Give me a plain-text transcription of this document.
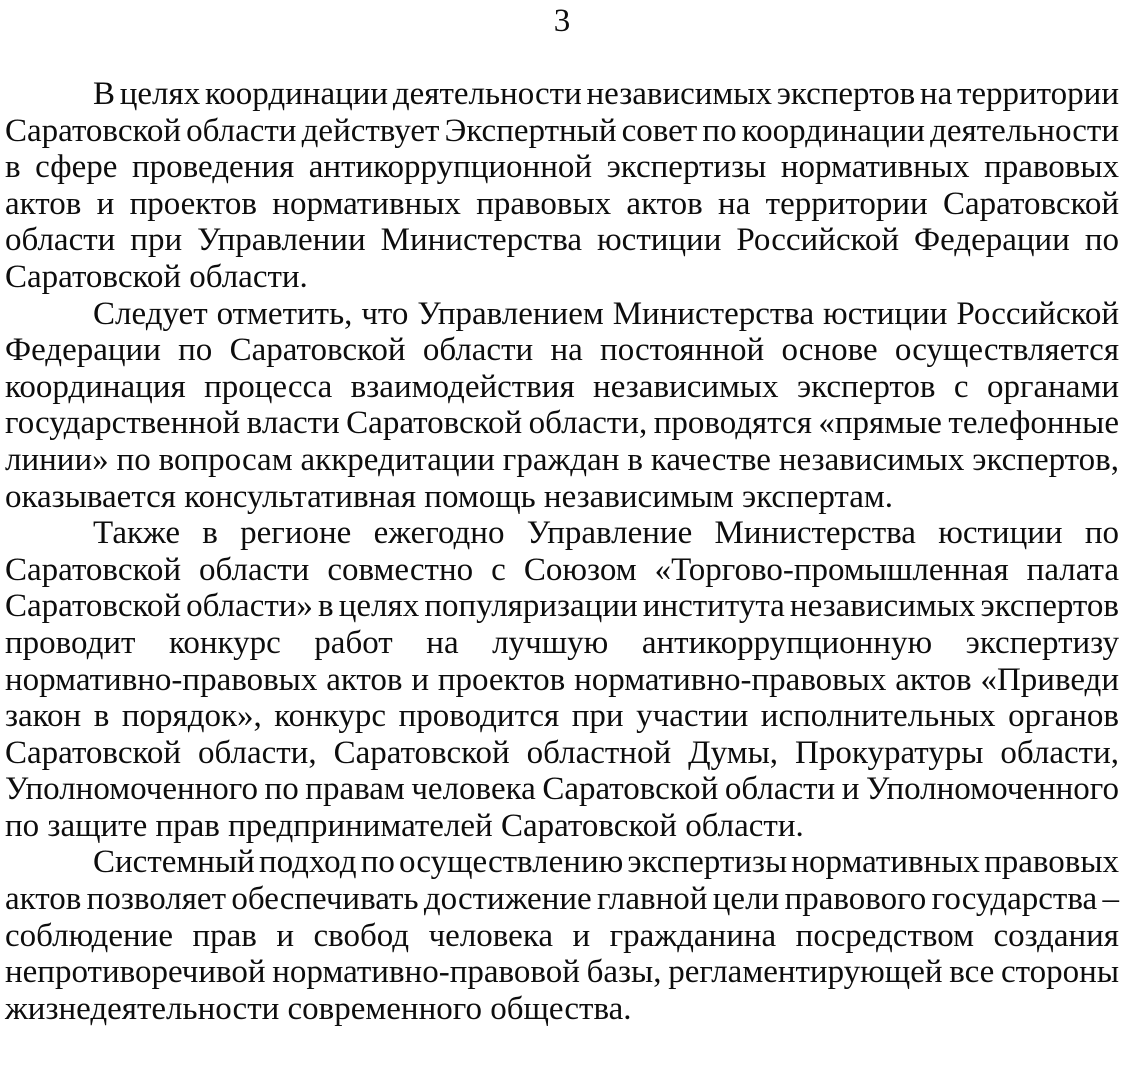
3
В целях координации деятельности независимых экспертов на территории
Саратовской области действует Экспертный совет по координации деятельности
в сфере проведения антикоррупционной экспертизы нормативных правовых
актов и проектов нормативных правовых актов на территории Саратовской
области при Управлении Министерства юстиции Российской Федерации по
Саратовской области.
Следует отметить, что Управлением Министерства юстиции Российской
Федерации по Саратовской области на постоянной основе осуществляется
координация процесса взаимодействия независимых экспертов с органами
государственной власти Саратовской области, проводятся «прямые телефонные
линии» по вопросам аккредитации граждан в качестве независимых экспертов,
оказывается консультативная помощь независимым экспертам.
Также в регионе ежегодно Управление Министерства юстиции по
Саратовской области совместно с Союзом «Торгово-промышленная палата
Саратовской области» в целях популяризации института независимых экспертов
проводит конкурс работ на лучшую антикоррупционную экспертизу
нормативно-правовых актов и проектов нормативно-правовых актов «Приведи
закон в порядок», конкурс проводится при участии исполнительных органов
Саратовской области, Саратовской областной Думы, Прокуратуры области,
Уполномоченного по правам человека Саратовской области и Уполномоченного
по защите прав предпринимателей Саратовской области.
Системный подход по осуществлению экспертизы нормативных правовых
актов позволяет обеспечивать достижение главной цели правового государства –
соблюдение прав и свобод человека и гражданина посредством создания
непротиворечивой нормативно-правовой базы, регламентирующей все стороны
жизнедеятельности современного общества.
